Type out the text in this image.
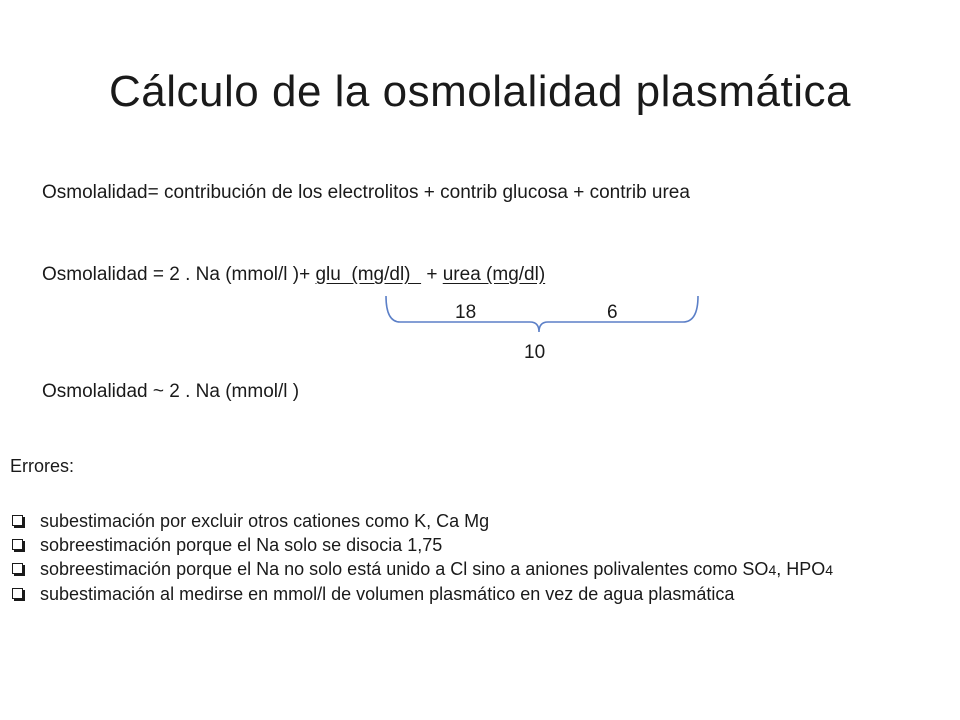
Cálculo de la osmolalidad plasmática
Osmolalidad= contribución de los electrolitos + contrib glucosa + contrib urea
Osmolalidad = 2 . Na (mmol/l )+ glu  (mg/dl)   + urea (mg/dl)
18	6
10
Osmolalidad ~ 2 . Na (mmol/l )
Errores:
subestimación por excluir otros cationes como K, Ca Mg
sobreestimación porque el Na solo se disocia 1,75
sobreestimación porque el Na no solo está unido a Cl sino a aniones polivalentes como SO4, HPO4
subestimación al medirse en mmol/l de volumen plasmático en vez de agua plasmática
